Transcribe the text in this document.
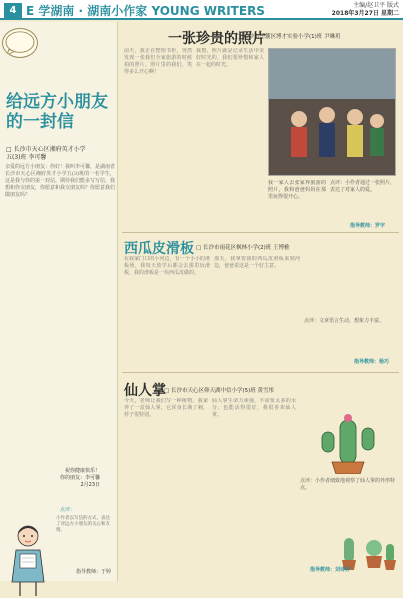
4 E 学湖南 · 湖南小作家 YOUNG WRITERS	主编/赵卫平 版式
2018年3月27日 星期二
给远方小朋友
的一封信
□ 长沙市天心区湘府英才小学
五(3)班 李可馨
亲爱的远方小朋友：你好！我叫李可馨，是湖南省长沙市天心区湘府英才小学五(3)班的一名学生，这是我与你的第一封信。期待我们能多写写信，我想和你交朋友，你愿意和我交朋友吗？你愿意我们做朋友吗？
祝你健康快乐！
你的朋友：李可馨
2月23日
点评：
小作者以写信的方式，表达了对远方小朋友的关心和友情。
指导教师：于婷
一张珍贵的照片
□ 长沙市岳麓区博才实验小学(1)班 尹琳玥
前天，我正在整理书柜，突然发现一张我们全家旅游的时候拍的照片。照片里的我们，笑得多么开心啊！
我想，照片就是记录生活中美好时光的，我们要珍惜和家人在一起的时光。
我一家人去张家界旅游的照片，我和爸爸妈妈在那里玩得很开心。
点评：小作者通过一张照片，表达了对家人的爱。
指导教师：罗宇
西瓜皮滑板 □ 长沙市雨花区枫林小学(2)班 王博雅
在我家门口的小河边，有一个小小的滑板场，我每天放学后都会去那里玩滑板，我的滑板是一块西瓜皮做的。
那天，我拿着我的西瓜皮滑板来到河边，爸爸说这是一个好主意。
点评：文章语言生动，想象力丰富。
指导教师：杨巧
仙人掌
□ 长沙市天心区仰天湖中信小学(5)班 黄雪彤
今天，老师让我们写一种植物。我家养了一盆仙人掌，它浑身长满了刺，样子很特别。
仙人掌生命力顽强，不需要太多的水分，也能活得很好，我很喜欢仙人掌。
点评：小作者细致地观察了仙人掌的外形特点。
指导教师：刘诗婷
